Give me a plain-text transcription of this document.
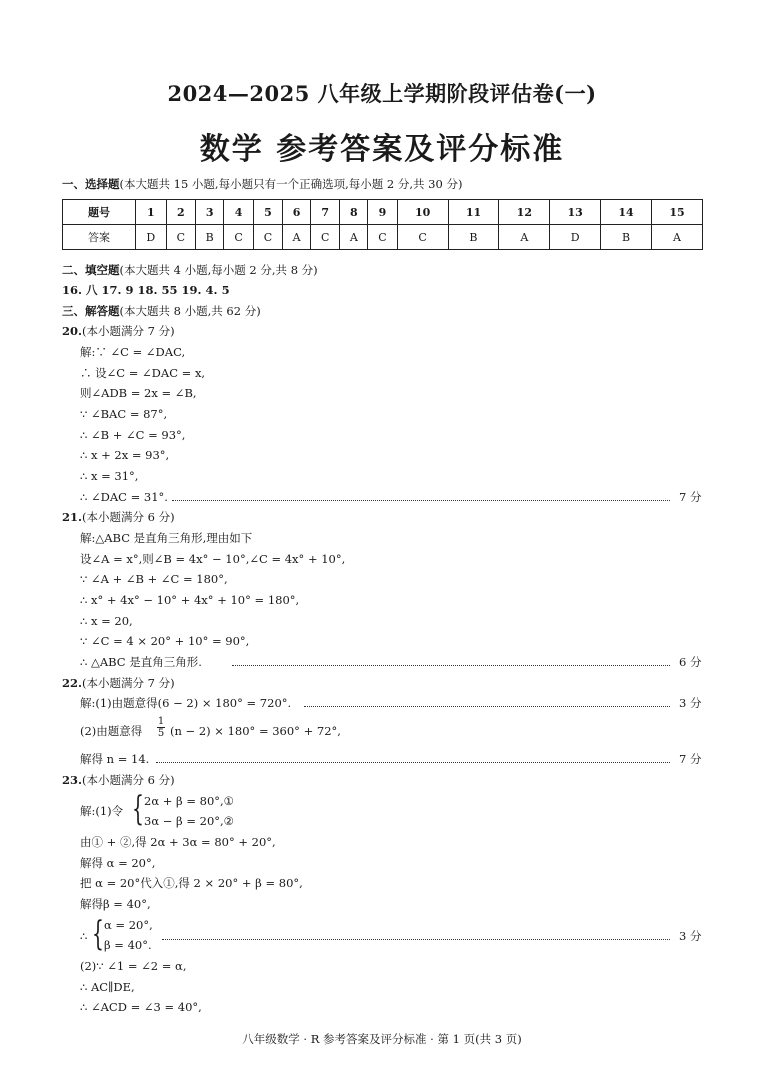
2024—2025 八年级上学期阶段评估卷(一)
数学 参考答案及评分标准
一、选择题(本大题共 15 小题,每小题只有一个正确选项,每小题 2 分,共 30 分)
题号	1	2	3	4	5	6	7	8	9	10	11	12	13	14	15
答案	D	C	B	C	C	A	C	A	C	C	B	A	D	B	A
二、填空题(本大题共 4 小题,每小题 2 分,共 8 分)
16. 八 17. 9 18. 55 19. 4. 5
三、解答题(本大题共 8 小题,共 62 分)
20.(本小题满分 7 分)
解:∵ ∠C = ∠DAC,
∴ 设∠C = ∠DAC = x,
则∠ADB = 2x = ∠B,
∵ ∠BAC = 87°,
∴ ∠B + ∠C = 93°,
∴ x + 2x = 93°,
∴ x = 31°,
∴ ∠DAC = 31°.	7 分
21.(本小题满分 6 分)
解:△ABC 是直角三角形,理由如下
设∠A = x°,则∠B = 4x° − 10°,∠C = 4x° + 10°,
∵ ∠A + ∠B + ∠C = 180°,
∴ x° + 4x° − 10° + 4x° + 10° = 180°,
∴ x = 20,
∵ ∠C = 4 × 20° + 10° = 90°,
∴ △ABC 是直角三角形.	6 分
22.(本小题满分 7 分)
解:(1)由题意得(6 − 2) × 180° = 720°.	3 分
(2)由题意得
1
5 (n − 2) × 180° = 360° + 72°,
解得 n = 14.	7 分
23.(本小题满分 6 分)
解:(1)令 { 2α + β = 80°,①
3α − β = 20°,②
由① + ②,得 2α + 3α = 80° + 20°,
解得 α = 20°,
把 α = 20°代入①,得 2 × 20° + β = 80°,
解得β = 40°,
∴ { α = 20°,
β = 40°.
3 分
(2)∵ ∠1 = ∠2 = α,
∴ AC∥DE,
∴ ∠ACD = ∠3 = 40°,
八年级数学 · R 参考答案及评分标准 · 第 1 页(共 3 页)
